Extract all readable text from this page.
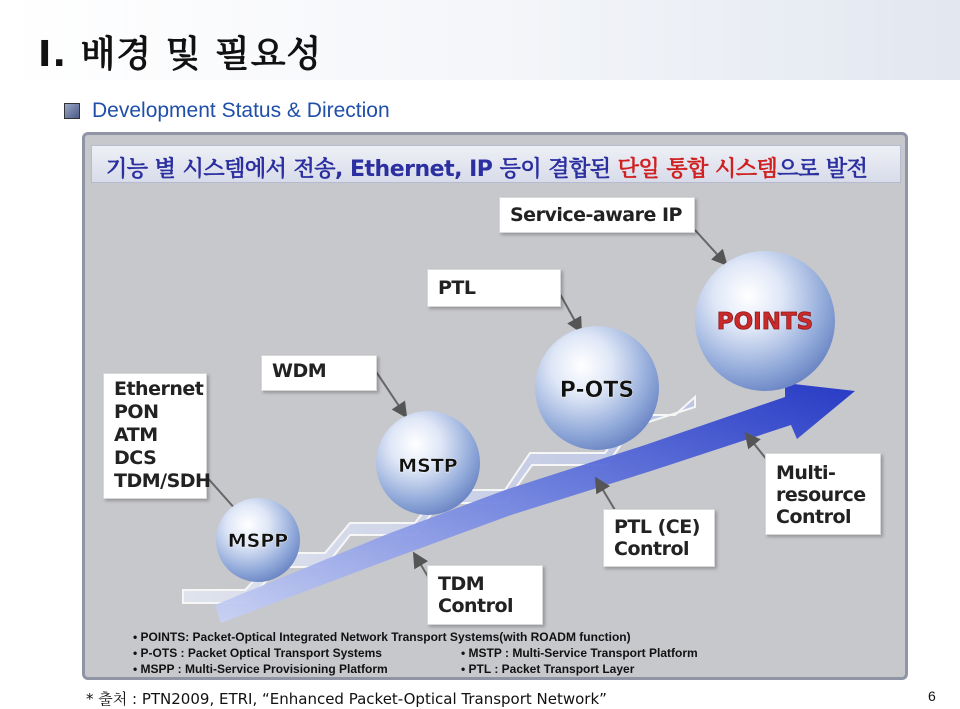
I. 배경 및 필요성
Development Status & Direction
기능 별 시스템에서 전송, Ethernet, IP 등이 결합된 단일 통합 시스템으로 발전
MSPP
MSTP
P-OTS
POINTS
Ethernet
PON
ATM
DCS
TDM/SDH
WDM
PTL
Service-aware IP
Multi-
resource
Control
PTL (CE)
Control
TDM
Control
• POINTS: Packet-Optical Integrated Network Transport Systems(with ROADM function)
• P-OTS : Packet Optical Transport Systems	• MSTP : Multi-Service Transport Platform
• MSPP : Multi-Service Provisioning Platform	• PTL : Packet Transport Layer
* 출처 : PTN2009, ETRI, “Enhanced Packet-Optical Transport Network”	6
